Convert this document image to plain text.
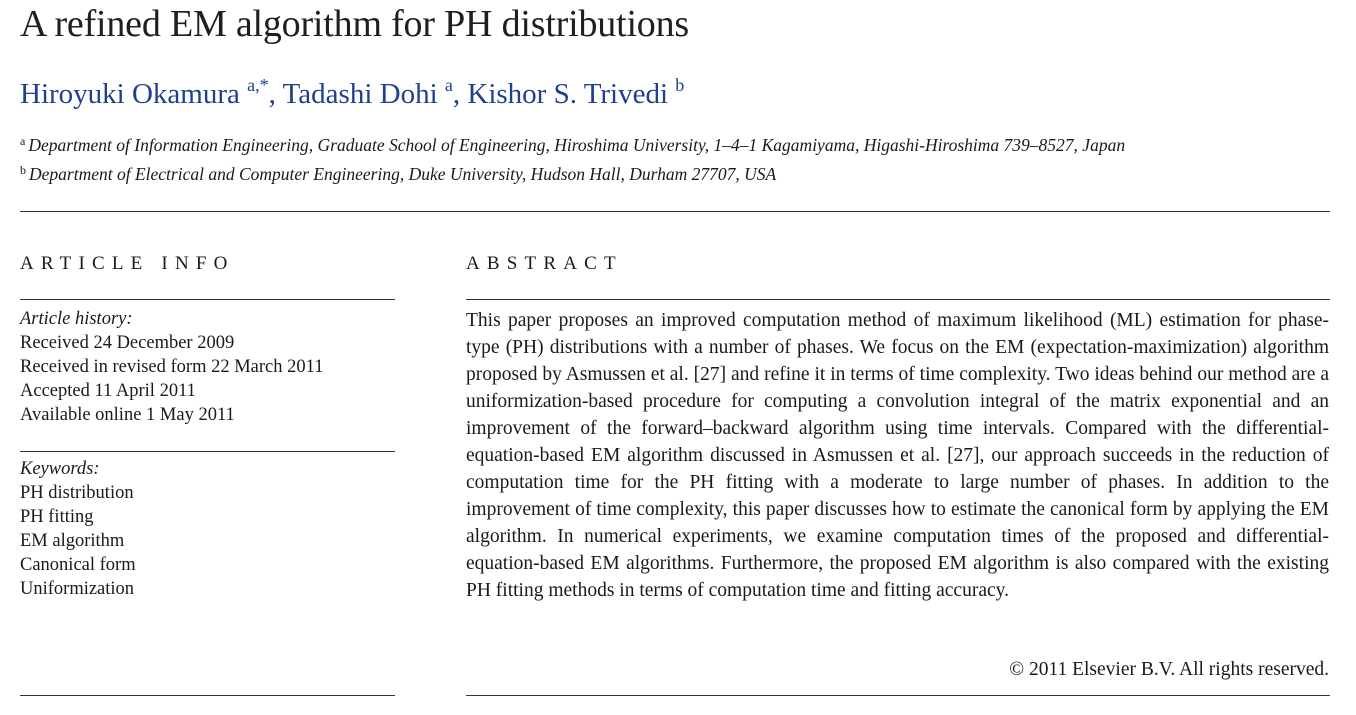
A refined EM algorithm for PH distributions
Hiroyuki Okamura $^{a,*}$, Tadashi Dohi $^a$, Kishor S. Trivedi $^b$
$^a$ Department of Information Engineering, Graduate School of Engineering, Hiroshima University, 1–4–1 Kagamiyama, Higashi-Hiroshima 739–8527, Japan
$^b$ Department of Electrical and Computer Engineering, Duke University, Hudson Hall, Durham 27707, USA
ARTICLE INFO
Article history:
Received 24 December 2009
Received in revised form 22 March 2011
Accepted 11 April 2011
Available online 1 May 2011
Keywords:
PH distribution
PH fitting
EM algorithm
Canonical form
Uniformization
ABSTRACT
This paper proposes an improved computation method of maximum likelihood (ML) estimation for phase-type (PH) distributions with a number of phases. We focus on the EM (expectation-maximization) algorithm proposed by Asmussen et al. [27] and refine it in terms of time complexity. Two ideas behind our method are a uniformization-based procedure for computing a convolution integral of the matrix exponential and an improvement of the forward–backward algorithm using time intervals. Compared with the differential-equation-based EM algorithm discussed in Asmussen et al. [27], our approach succeeds in the reduction of computation time for the PH fitting with a moderate to large number of phases. In addition to the improvement of time complexity, this paper discusses how to estimate the canonical form by applying the EM algorithm. In numerical experiments, we examine computation times of the proposed and differential-equation-based EM algorithms. Furthermore, the proposed EM algorithm is also compared with the existing PH fitting methods in terms of computation time and fitting accuracy.
© 2011 Elsevier B.V. All rights reserved.
